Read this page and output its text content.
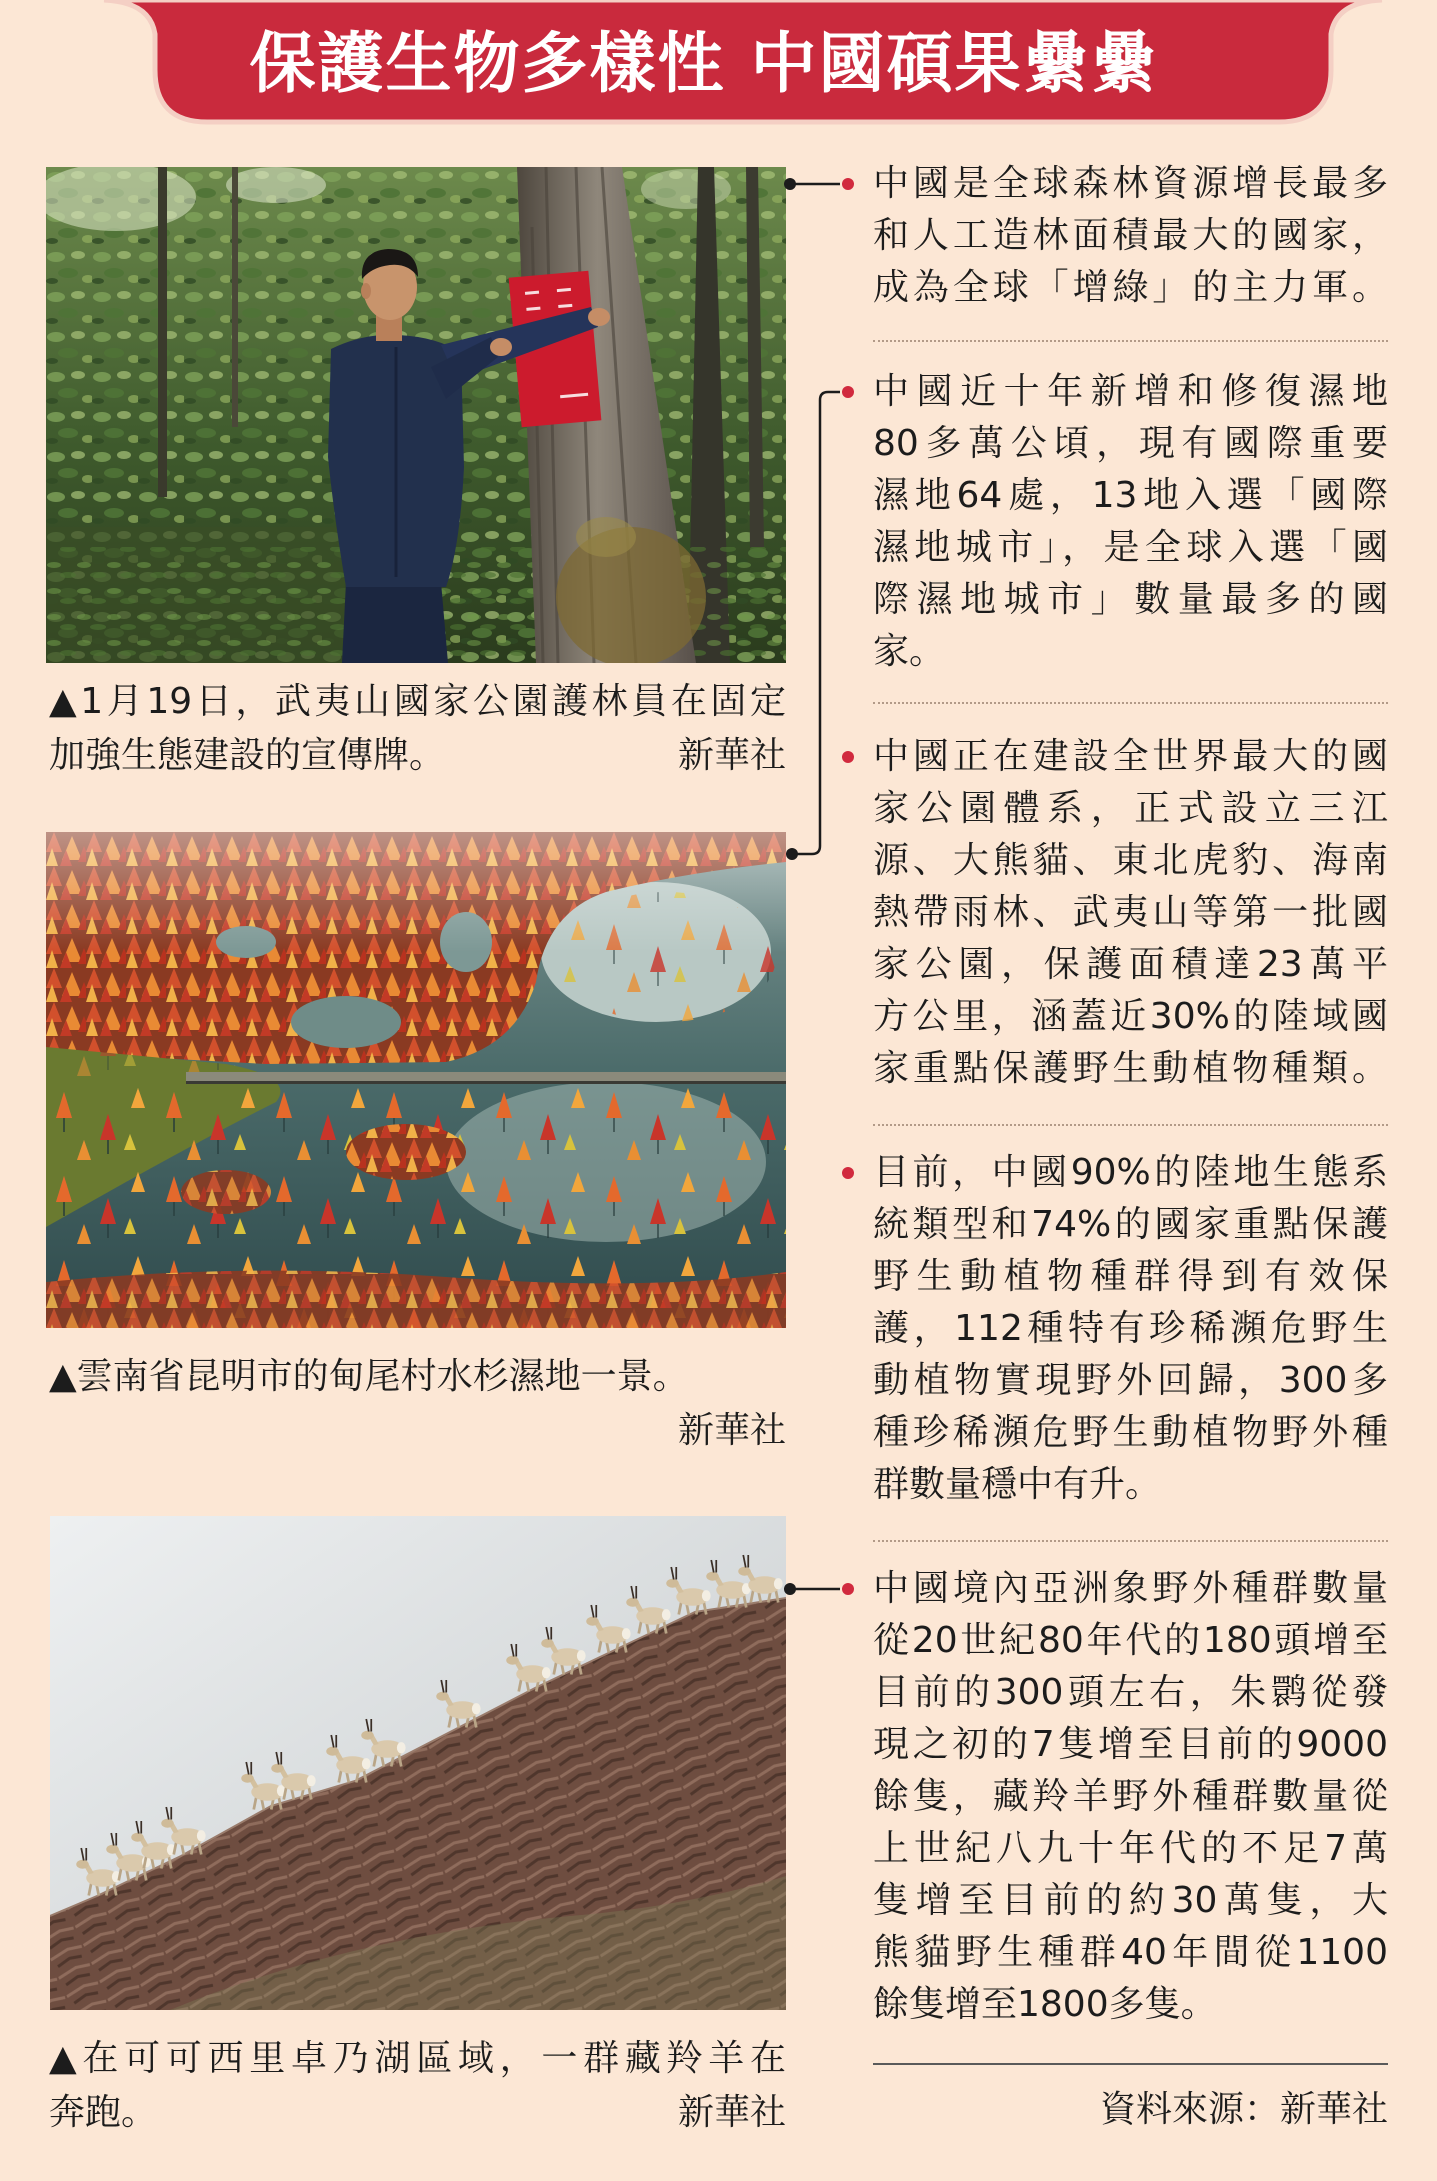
保護生物多樣性 中國碩果纍纍
▲1月19日，武夷山國家公園護林員在固定
加強生態建設的宣傳牌。	新華社
▲雲南省昆明市的甸尾村水杉濕地一景。
新華社
▲在可可西里卓乃湖區域，一群藏羚羊在
奔跑。	新華社
中國是全球森林資源增長最多
和人工造林面積最大的國家，
成為全球「增綠」的主力軍。
中國近十年新增和修復濕地
80多萬公頃，現有國際重要
濕地64處，13地入選「國際
濕地城市」，是全球入選「國
際濕地城市」數量最多的國
家。
中國正在建設全世界最大的國
家公園體系，正式設立三江
源、大熊貓、東北虎豹、海南
熱帶雨林、武夷山等第一批國
家公園，保護面積達23萬平
方公里，涵蓋近30%的陸域國
家重點保護野生動植物種類。
目前，中國90%的陸地生態系
統類型和74%的國家重點保護
野生動植物種群得到有效保
護，112種特有珍稀瀕危野生
動植物實現野外回歸，300多
種珍稀瀕危野生動植物野外種
群數量穩中有升。
中國境內亞洲象野外種群數量
從20世紀80年代的180頭增至
目前的300頭左右，朱鹮從發
現之初的7隻增至目前的9000
餘隻，藏羚羊野外種群數量從
上世紀八九十年代的不足7萬
隻增至目前的約30萬隻，大
熊貓野生種群40年間從1100
餘隻增至1800多隻。
資料來源：新華社
